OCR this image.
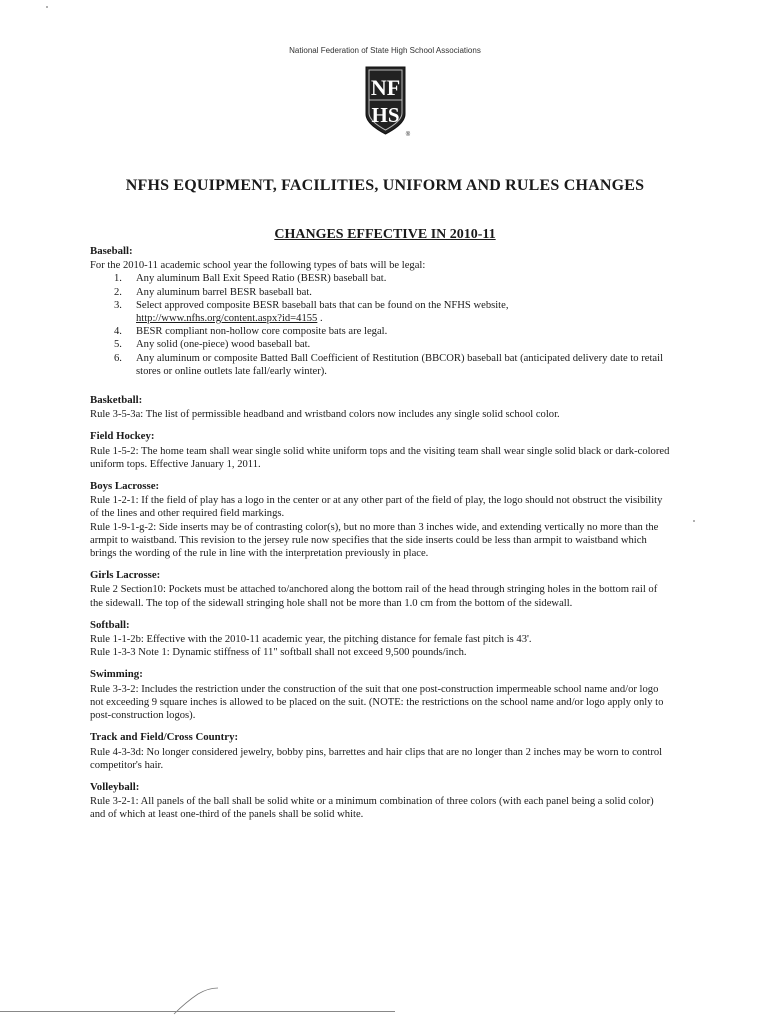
National Federation of State High School Associations
NF
HS
®
NFHS EQUIPMENT, FACILITIES, UNIFORM AND RULES CHANGES
CHANGES EFFECTIVE IN 2010-11
Baseball:

For the 2010-11 academic school year the following types of bats will be legal:

1. Any aluminum Ball Exit Speed Ratio (BESR) baseball bat.
2. Any aluminum barrel BESR baseball bat.
3. Select approved composite BESR baseball bats that can be found on the NFHS website,
http://www.nfhs.org/content.aspx?id=4155 .
4. BESR compliant non-hollow core composite bats are legal.
5. Any solid (one-piece) wood baseball bat.
6. Any aluminum or composite Batted Ball Coefficient of Restitution (BBCOR) baseball bat (anticipated delivery date to retail stores or online outlets late fall/early winter).
Basketball:

Rule 3-5-3a: The list of permissible headband and wristband colors now includes any single solid school color.

Field Hockey:

Rule 1-5-2: The home team shall wear single solid white uniform tops and the visiting team shall wear single solid black or dark-colored uniform tops. Effective January 1, 2011.

Boys Lacrosse:

Rule 1-2-1: If the field of play has a logo in the center or at any other part of the field of play, the logo should not obstruct the visibility of the lines and other required field markings.

Rule 1-9-1-g-2: Side inserts may be of contrasting color(s), but no more than 3 inches wide, and extending vertically no more than the armpit to waistband. This revision to the jersey rule now specifies that the side inserts could be less than armpit to waistband which brings the wording of the rule in line with the interpretation previously in place.

Girls Lacrosse:

Rule 2 Section10: Pockets must be attached to/anchored along the bottom rail of the head through stringing holes in the bottom rail of the sidewall. The top of the sidewall stringing hole shall not be more than 1.0 cm from the bottom of the sidewall.

Softball:

Rule 1-1-2b: Effective with the 2010-11 academic year, the pitching distance for female fast pitch is 43'.

Rule 1-3-3 Note 1: Dynamic stiffness of 11" softball shall not exceed 9,500 pounds/inch.

Swimming:

Rule 3-3-2: Includes the restriction under the construction of the suit that one post-construction impermeable school name and/or logo not exceeding 9 square inches is allowed to be placed on the suit. (NOTE: the restrictions on the school name and/or logo apply only to post-construction logos).

Track and Field/Cross Country:

Rule 4-3-3d: No longer considered jewelry, bobby pins, barrettes and hair clips that are no longer than 2 inches may be worn to control competitor's hair.

Volleyball:

Rule 3-2-1: All panels of the ball shall be solid white or a minimum combination of three colors (with each panel being a solid color) and of which at least one-third of the panels shall be solid white.
